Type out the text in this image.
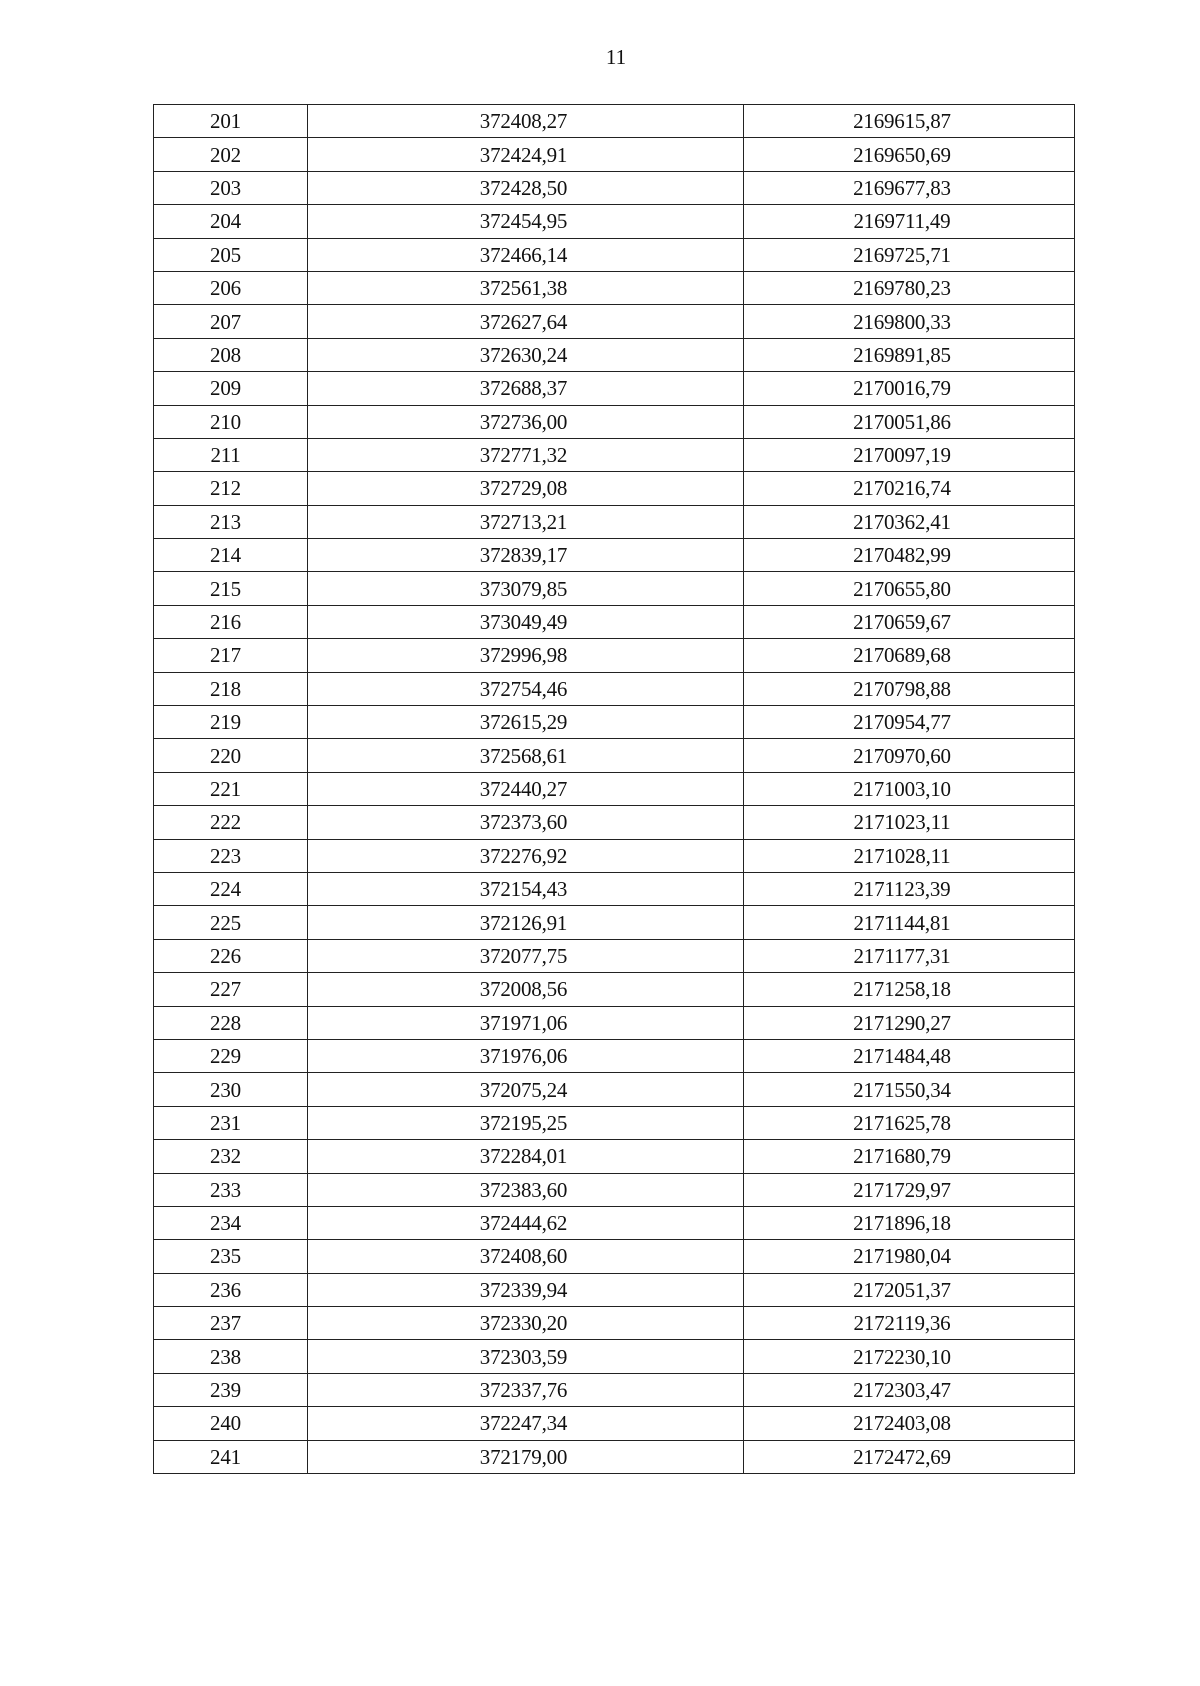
11
201	372408,27	2169615,87
202	372424,91	2169650,69
203	372428,50	2169677,83
204	372454,95	2169711,49
205	372466,14	2169725,71
206	372561,38	2169780,23
207	372627,64	2169800,33
208	372630,24	2169891,85
209	372688,37	2170016,79
210	372736,00	2170051,86
211	372771,32	2170097,19
212	372729,08	2170216,74
213	372713,21	2170362,41
214	372839,17	2170482,99
215	373079,85	2170655,80
216	373049,49	2170659,67
217	372996,98	2170689,68
218	372754,46	2170798,88
219	372615,29	2170954,77
220	372568,61	2170970,60
221	372440,27	2171003,10
222	372373,60	2171023,11
223	372276,92	2171028,11
224	372154,43	2171123,39
225	372126,91	2171144,81
226	372077,75	2171177,31
227	372008,56	2171258,18
228	371971,06	2171290,27
229	371976,06	2171484,48
230	372075,24	2171550,34
231	372195,25	2171625,78
232	372284,01	2171680,79
233	372383,60	2171729,97
234	372444,62	2171896,18
235	372408,60	2171980,04
236	372339,94	2172051,37
237	372330,20	2172119,36
238	372303,59	2172230,10
239	372337,76	2172303,47
240	372247,34	2172403,08
241	372179,00	2172472,69
